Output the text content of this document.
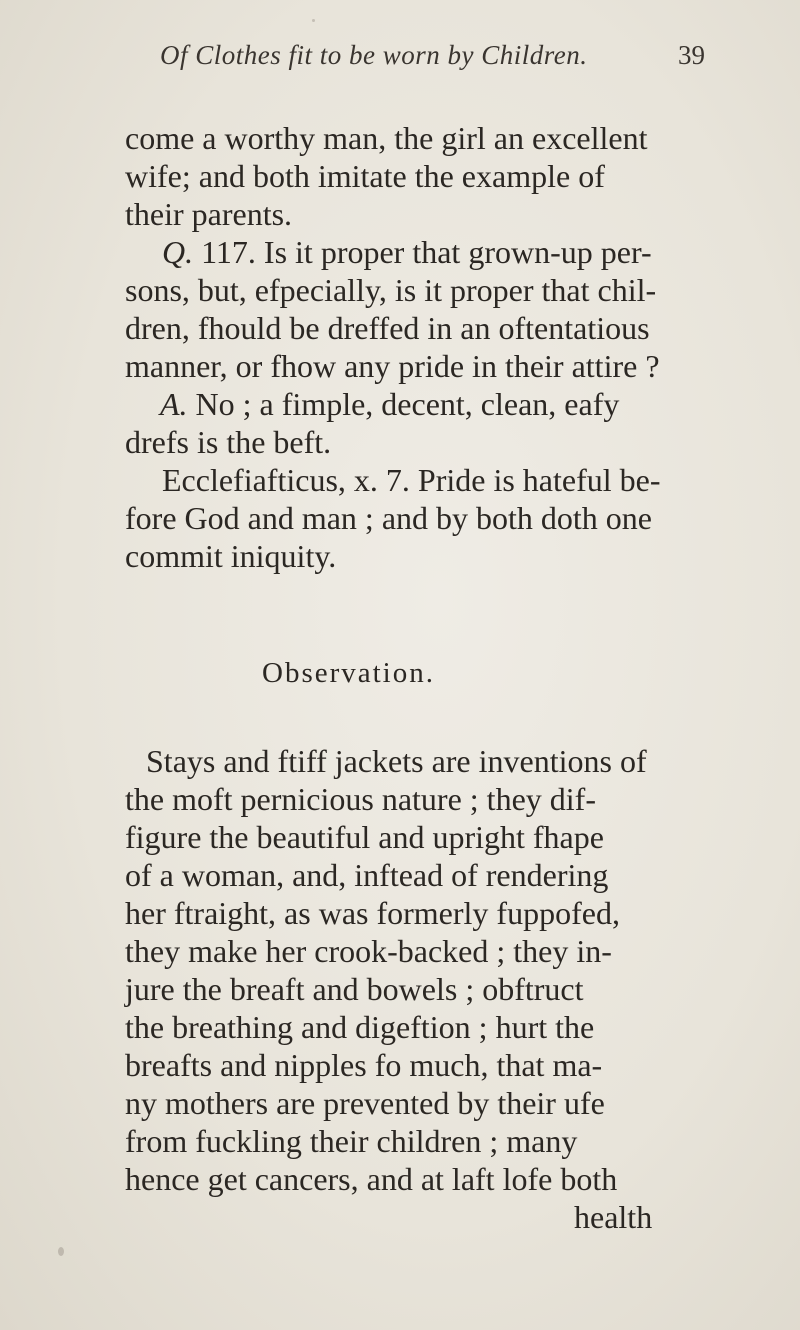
Of Clothes fit to be worn by Children.	39
come a worthy man, the girl an excellent
wife; and both imitate the example of
their parents.
Q. 117. Is it proper that grown-up per-
sons, but, efpecially, is it proper that chil-
dren, fhould be dreffed in an oftentatious
manner, or fhow any pride in their attire ?
A. No ; a fimple, decent, clean, eafy
drefs is the beft.
Ecclefiafticus, x. 7. Pride is hateful be-
fore God and man ; and by both doth one
commit iniquity.
Observation.
Stays and ftiff jackets are inventions of
the moft pernicious nature ; they dif-
figure the beautiful and upright fhape
of a woman, and, inftead of rendering
her ftraight, as was formerly fuppofed,
they make her crook-backed ; they in-
jure the breaft and bowels ; obftruct
the breathing and digeftion ; hurt the
breafts and nipples fo much, that ma-
ny mothers are prevented by their ufe
from fuckling their children ; many
hence get cancers, and at laft lofe both
health
